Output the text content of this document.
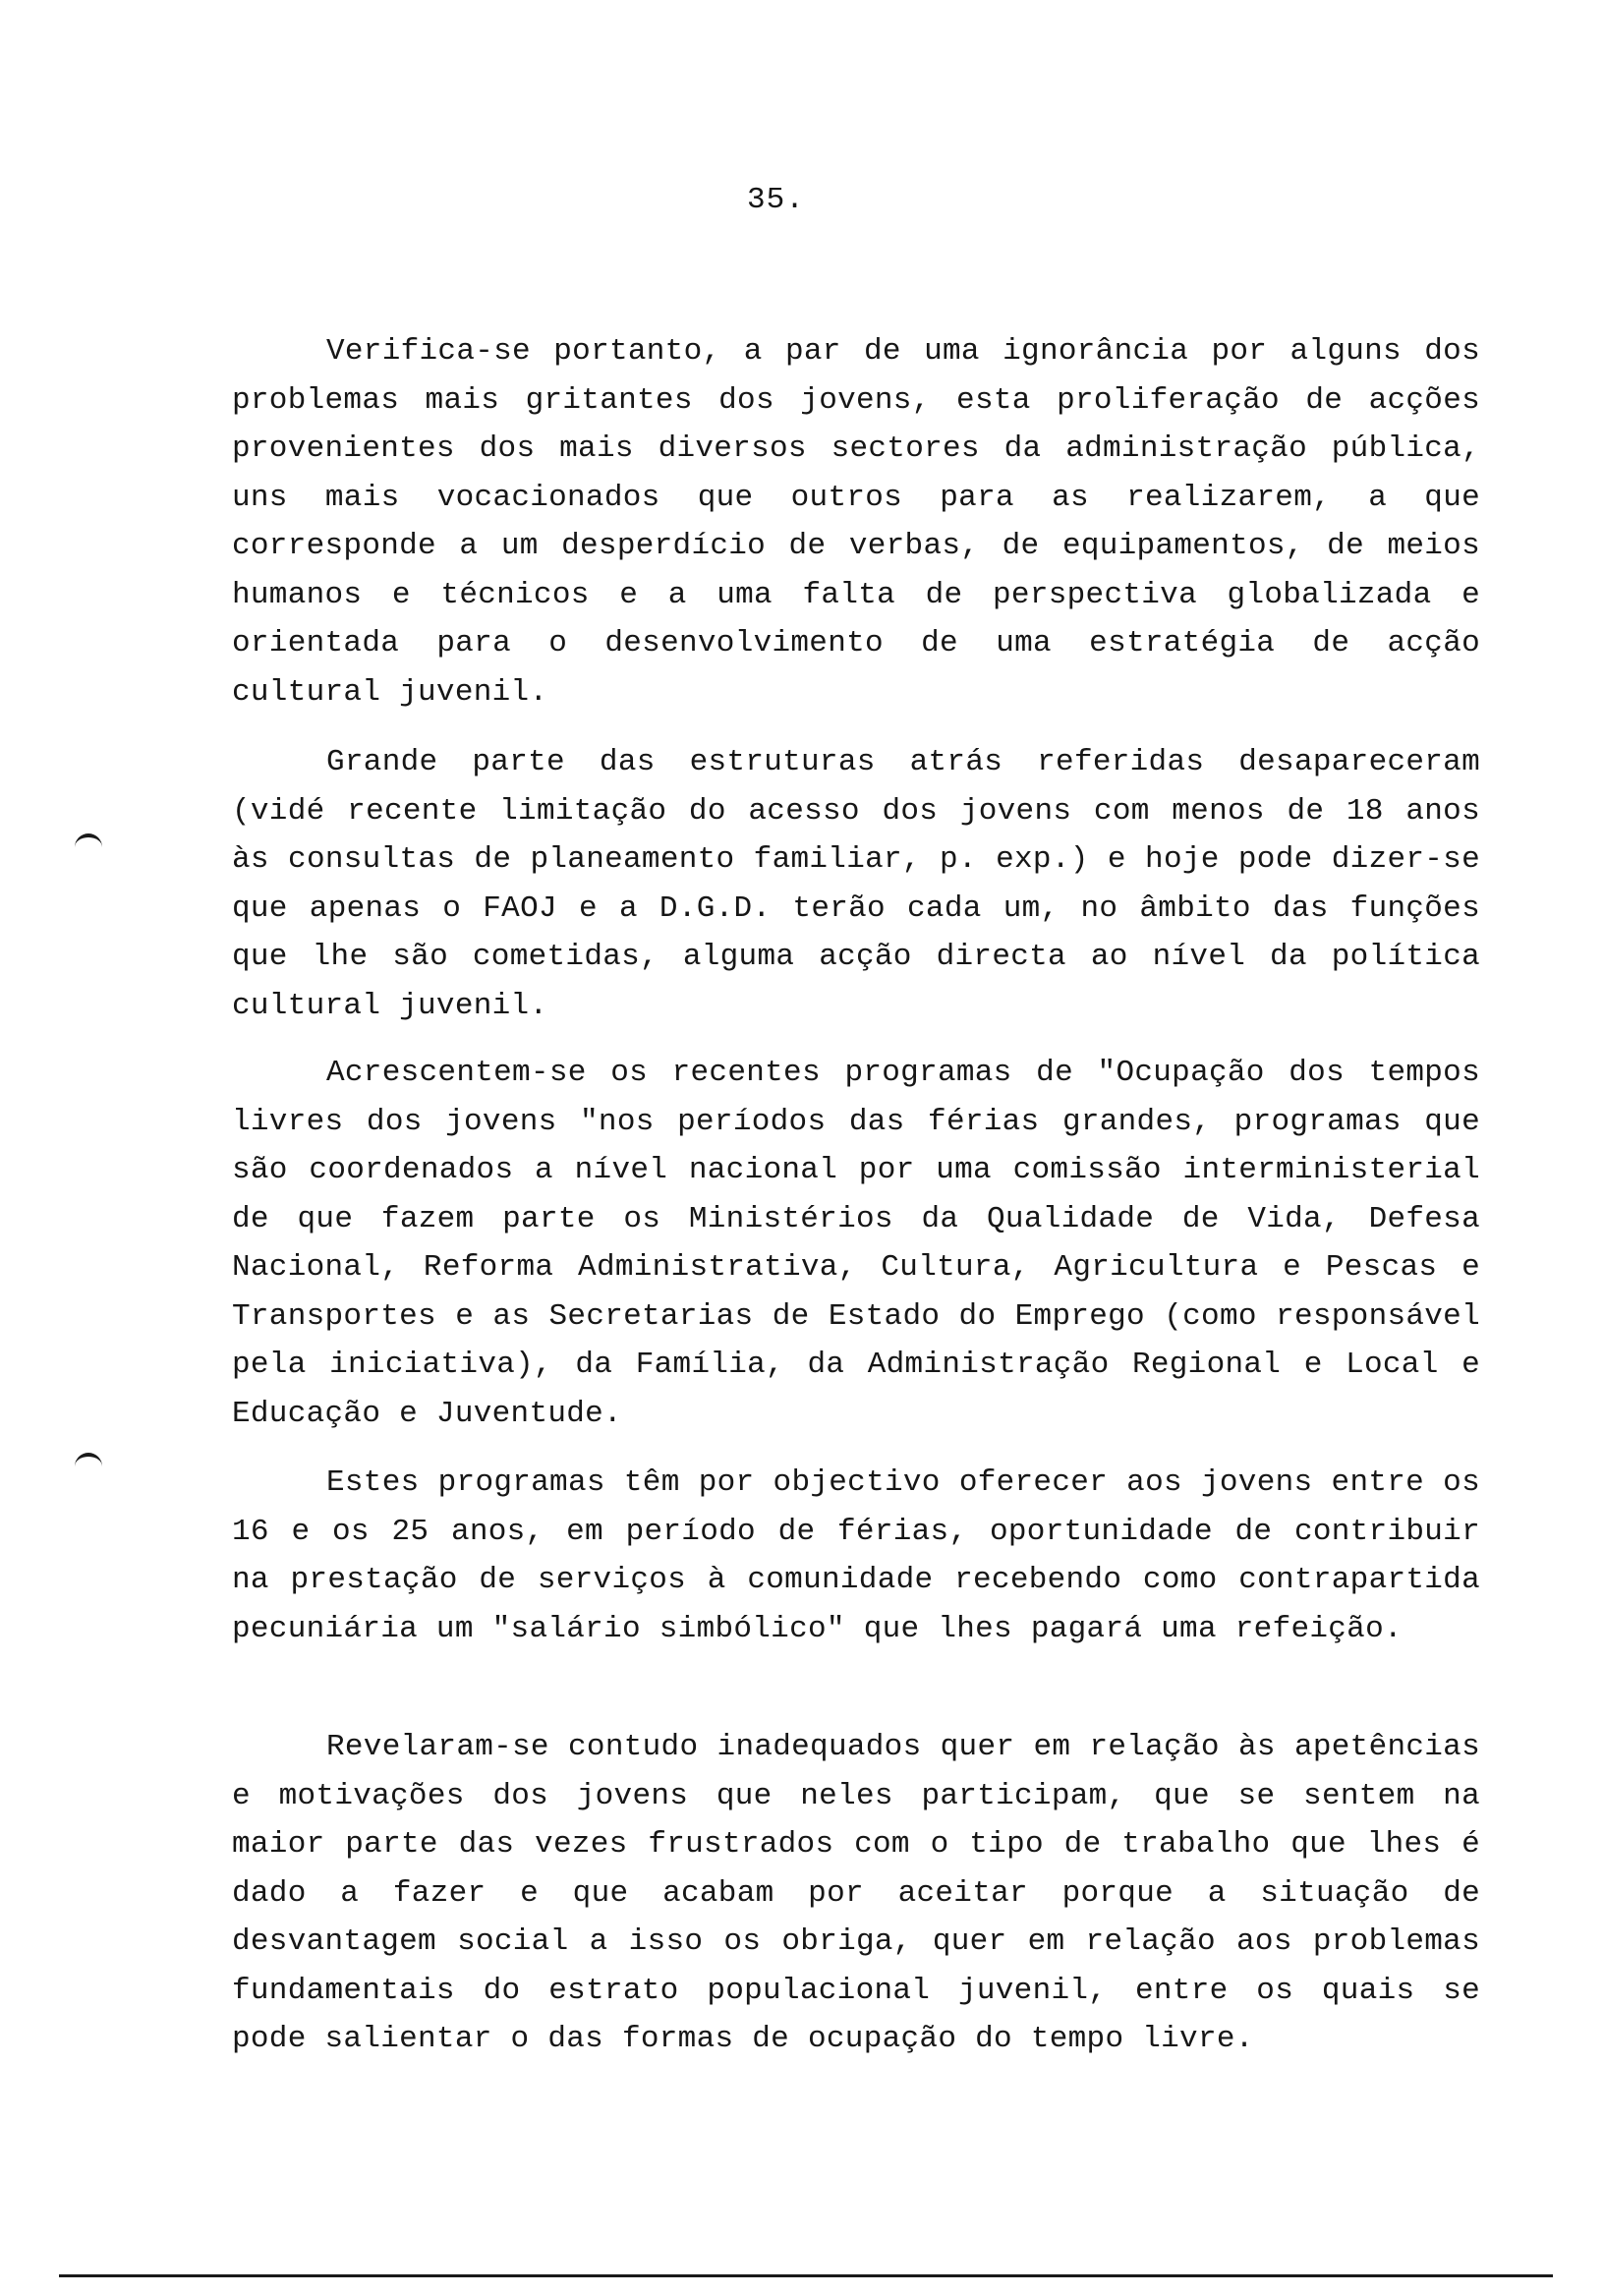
35.

Verifica-se portanto, a par de uma ignorância por alguns dos problemas mais gritantes dos jovens, esta proliferação de acções provenientes dos mais diversos sectores da administração pública, uns mais vocacionados que outros para as realizarem, a que corresponde a um desperdício de verbas, de equipamentos, de meios humanos e técnicos e a uma falta de perspectiva globalizada e orientada para o desenvolvimento de uma estratégia de acção cultural juvenil.

Grande parte das estruturas atrás referidas desapareceram (vidé recente limitação do acesso dos jovens com menos de 18 anos às consultas de planeamento familiar, p. exp.) e hoje pode dizer-se que apenas o FAOJ e a D.G.D. terão cada um, no âmbito das funções que lhe são cometidas, alguma acção directa ao nível da política cultural juvenil.

Acrescentem-se os recentes programas de "Ocupação dos tempos livres dos jovens "nos períodos das férias grandes, programas que são coordenados a nível nacional por uma comissão interministerial de que fazem parte os Ministérios da Qualidade de Vida, Defesa Nacional, Reforma Administrativa, Cultura, Agricultura e Pescas e Transportes e as Secretarias de Estado do Emprego (como responsável pela iniciativa), da Família, da Administração Regional e Local e Educação e Juventude.

Estes programas têm por objectivo oferecer aos jovens entre os 16 e os 25 anos, em período de férias, oportunidade de contribuir na prestação de serviços à comunidade recebendo como contrapartida pecuniária um "salário simbólico" que lhes pagará uma refeição.

Revelaram-se contudo inadequados quer em relação às apetências e motivações dos jovens que neles participam, que se sentem na maior parte das vezes frustrados com o tipo de trabalho que lhes é dado a fazer e que acabam por aceitar porque a situação de desvantagem social a isso os obriga, quer em relação aos problemas fundamentais do estrato populacional juvenil, entre os quais se pode salientar o das formas de ocupação do tempo livre.
